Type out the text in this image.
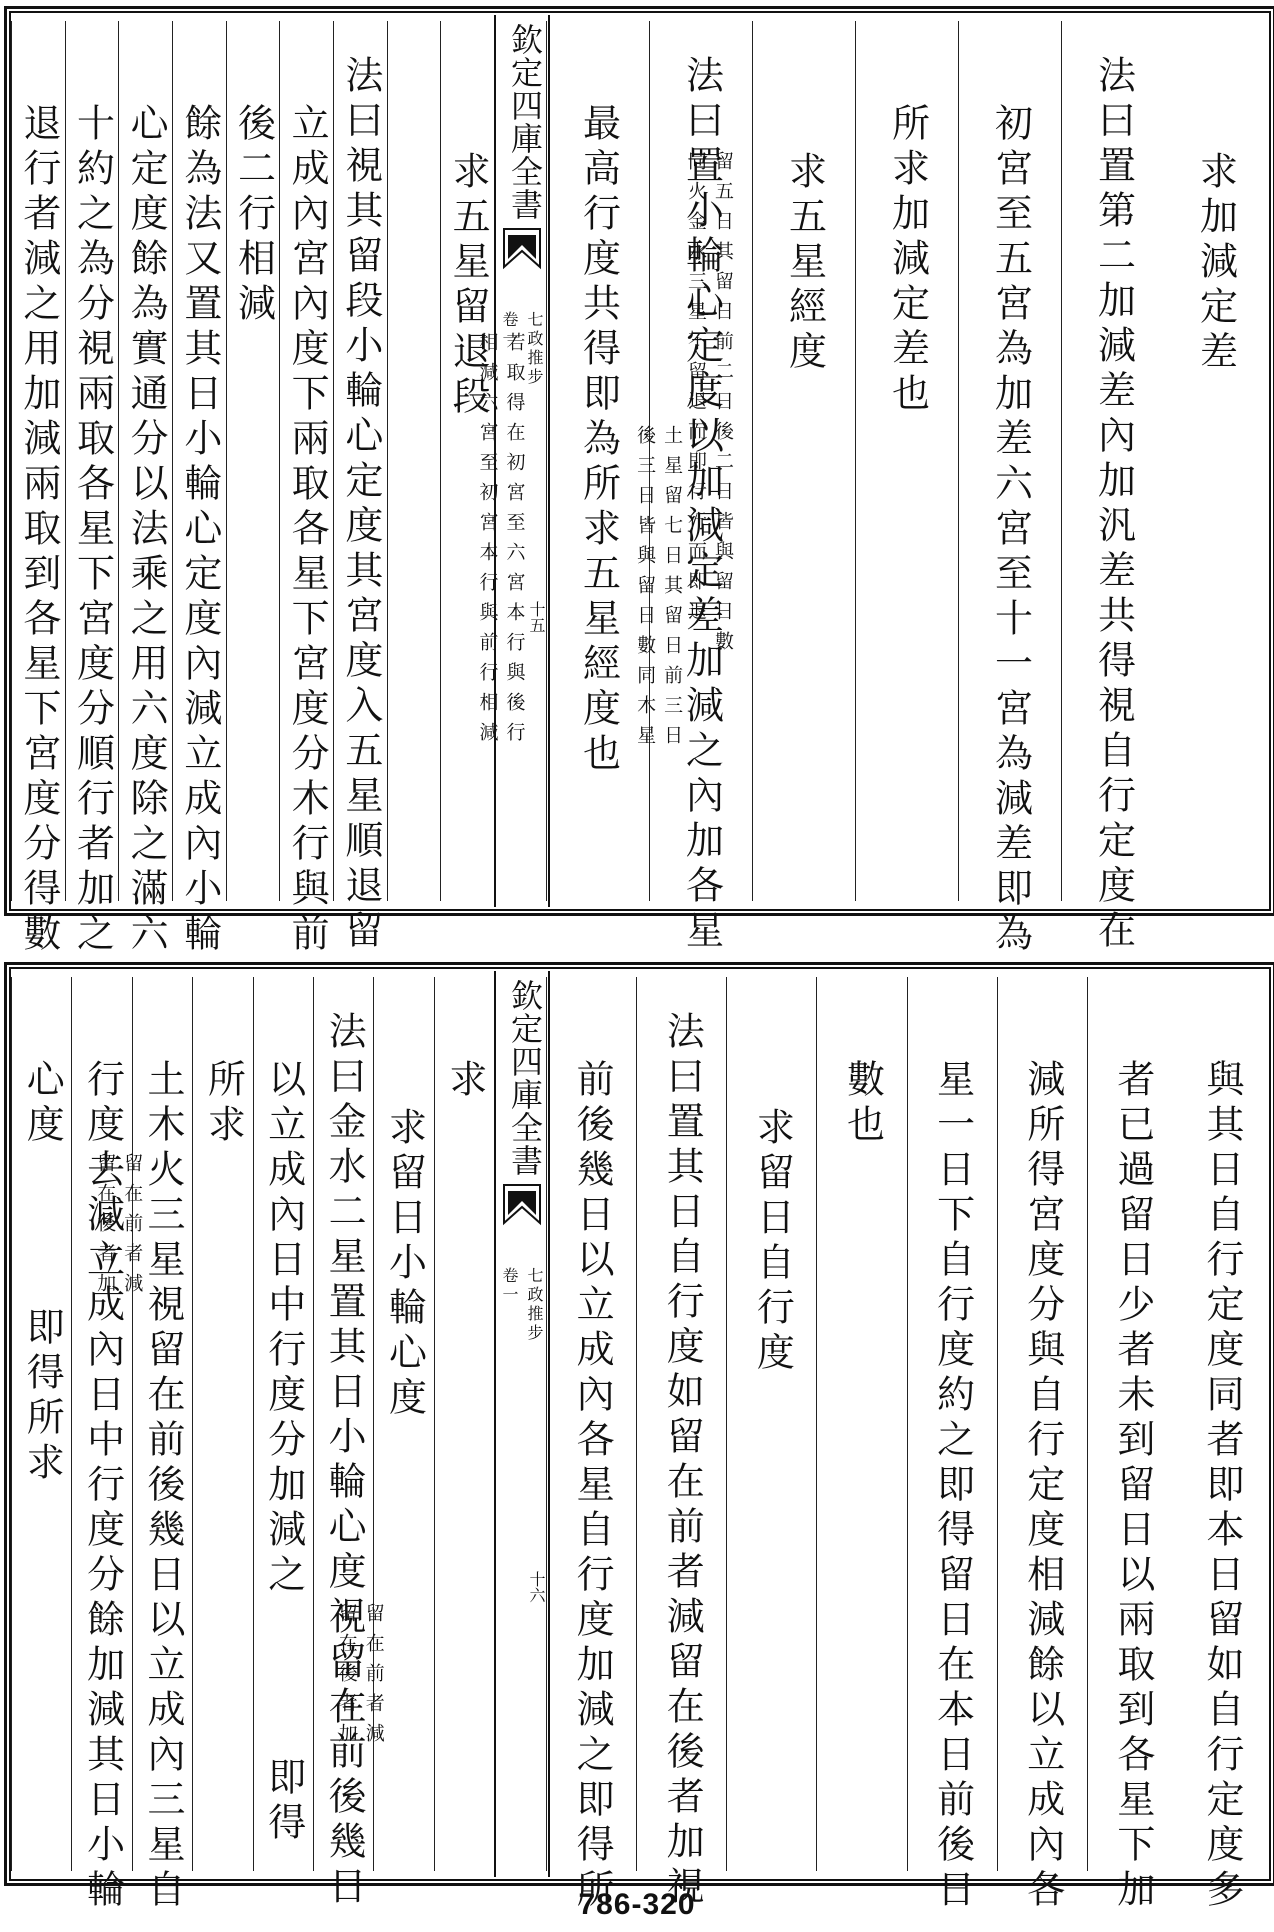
求加減定差
法曰置第二加減差內加汎差共得視自行定度在
初宮至五宮為加差六宮至十一宮為減差即為
所求加減定差也
求五星經度
法曰置小輪心定度以加減定差加減之內加各星
最高行度共得即為所求五星經度也
求五星留退段
土星留七日其留日前三日
後三日皆與留日數同木星	留五日其留日前二日後二日皆與留日數
同火金水三星不留退而即行行而即退
法曰視其留段小輪心定度其宮度入五星順退留
立成內宮內度下兩取各星下宮度分木行與前
後二行相減
若取得在初宮至六宮本行與後行
相減六宮至初宮本行與前行相減
餘為法又置其日小輪心定度內減立成內小輪
心定度餘為實通分以法乘之用六度除之滿六
十約之為分視兩取各星下宮度分順行者加之
退行者減之用加減兩取到各星下宮度分得數	欽定四庫全書
七政推步
卷一
十五
與其日自行定度同者即本日留如自行定度多
者已過留日少者未到留日以兩取到各星下加
減所得宮度分與自行定度相減餘以立成內各
星一日下自行度約之即得留日在本日前後日
數也
求留日自行度
法曰置其日自行度如留在前者減留在後者加視
前後幾日以立成內各星自行度加減之即得所
求
求留日小輪心度
法曰金水二星置其日小輪心度視留在前後幾日
以立成內日中行度分加減之
留在前者減
留在後者加
即得
所求
土木火三星視留在前後幾日以立成內三星自
行度去減立成內日中行度分餘加減其日小輪
心度
留在前者減
留在後者加
即得所求
欽定四庫全書
七政推步
卷一
十六
786-320
